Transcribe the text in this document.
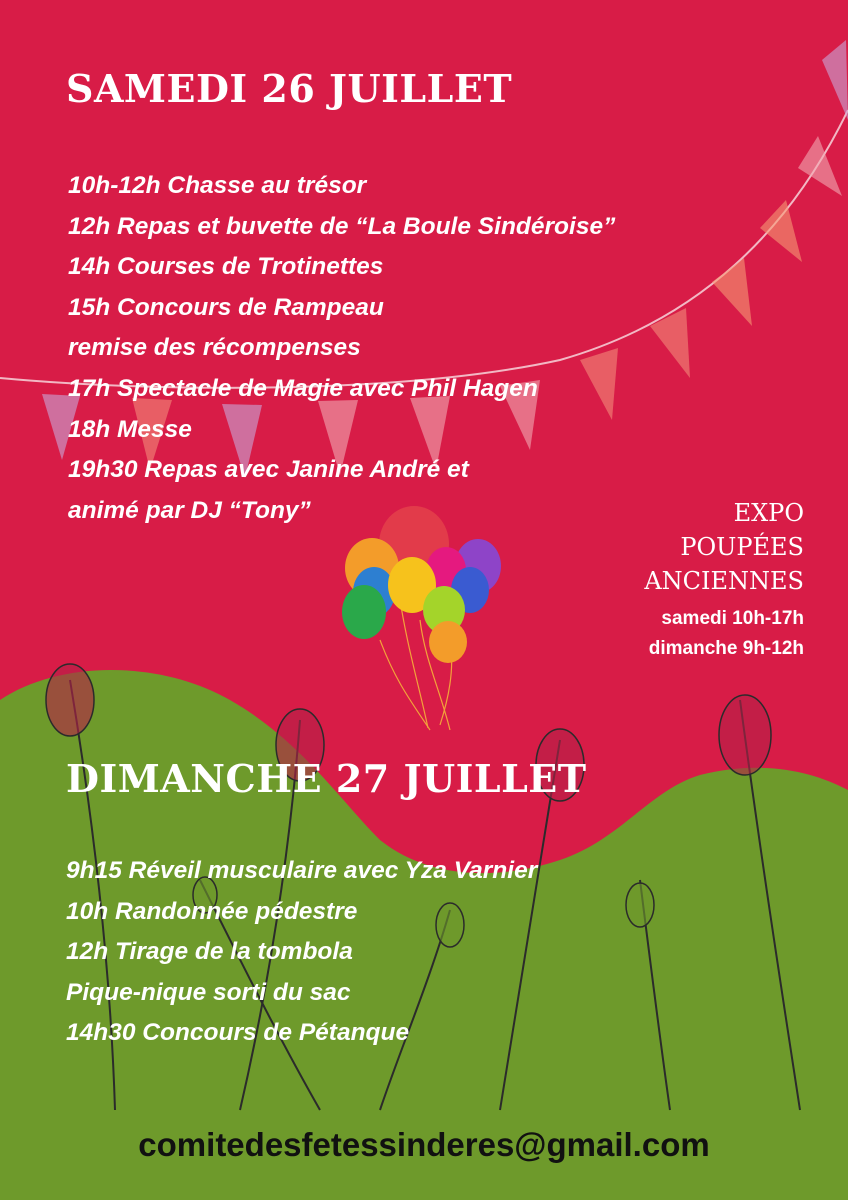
SAMEDI 26 JUILLET
10h-12h Chasse au trésor
12h Repas et buvette de “La Boule Sindéroise”
14h Courses de Trotinettes
15h Concours de Rampeau
remise des récompenses
17h Spectacle de Magie avec Phil Hagen
18h Messe
19h30 Repas avec Janine André et
animé par DJ “Tony”	EXPO
POUPÉES
ANCIENNES
samedi 10h-17h
dimanche 9h-12h
DIMANCHE 27 JUILLET
9h15 Réveil musculaire avec Yza Varnier
10h Randonnée pédestre
12h Tirage de la tombola
Pique-nique sorti du sac
14h30 Concours de Pétanque
comitedesfetessinderes@gmail.com
